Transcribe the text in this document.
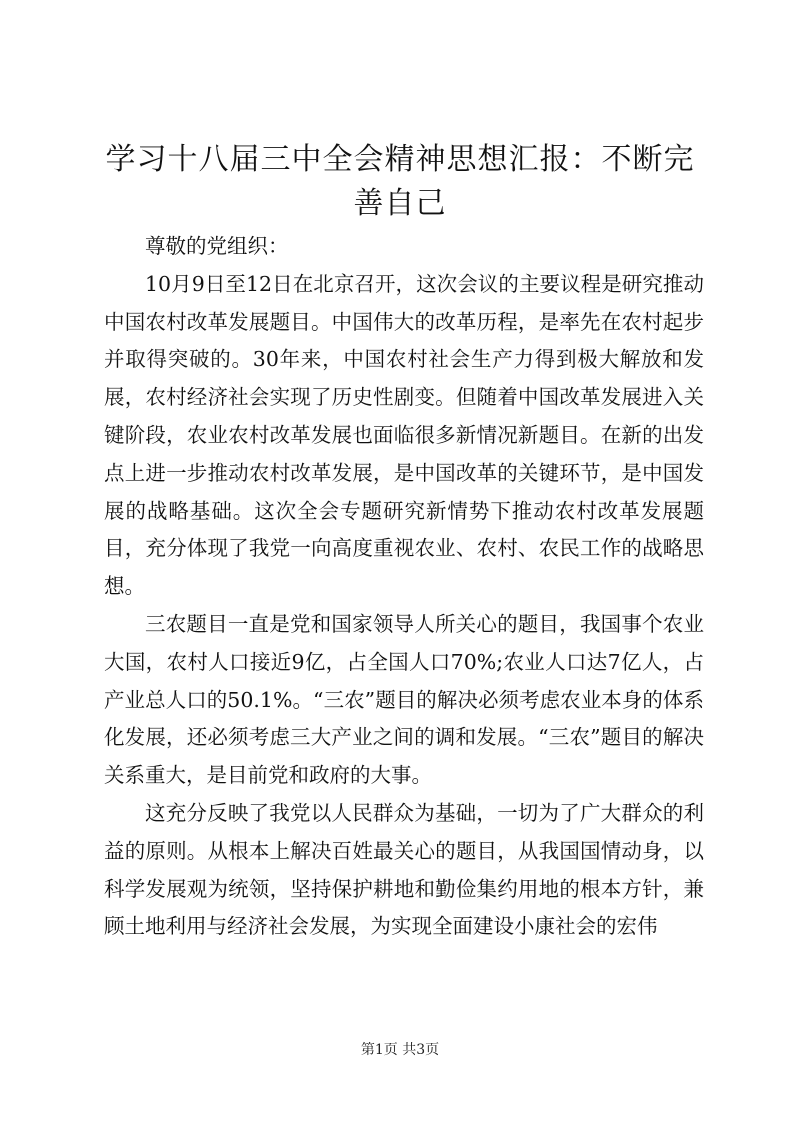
学习十八届三中全会精神思想汇报：不断完善自己

尊敬的党组织：

10月9日至12日在北京召开，这次会议的主要议程是研究推动中国农村改革发展题目。中国伟大的改革历程，是率先在农村起步并取得突破的。30年来，中国农村社会生产力得到极大解放和发展，农村经济社会实现了历史性剧变。但随着中国改革发展进入关键阶段，农业农村改革发展也面临很多新情况新题目。在新的出发点上进一步推动农村改革发展，是中国改革的关键环节，是中国发展的战略基础。这次全会专题研究新情势下推动农村改革发展题目，充分体现了我党一向高度重视农业、农村、农民工作的战略思想。

三农题目一直是党和国家领导人所关心的题目，我国事个农业大国，农村人口接近9亿，占全国人口70%;农业人口达7亿人，占产业总人口的50.1%。“三农”题目的解决必须考虑农业本身的体系化发展，还必须考虑三大产业之间的调和发展。“三农”题目的解决关系重大，是目前党和政府的大事。

这充分反映了我党以人民群众为基础，一切为了广大群众的利益的原则。从根本上解决百姓最关心的题目，从我国国情动身，以科学发展观为统领，坚持保护耕地和勤俭集约用地的根本方针，兼顾土地利用与经济社会发展，为实现全面建设小康社会的宏伟

第1页 共3页
